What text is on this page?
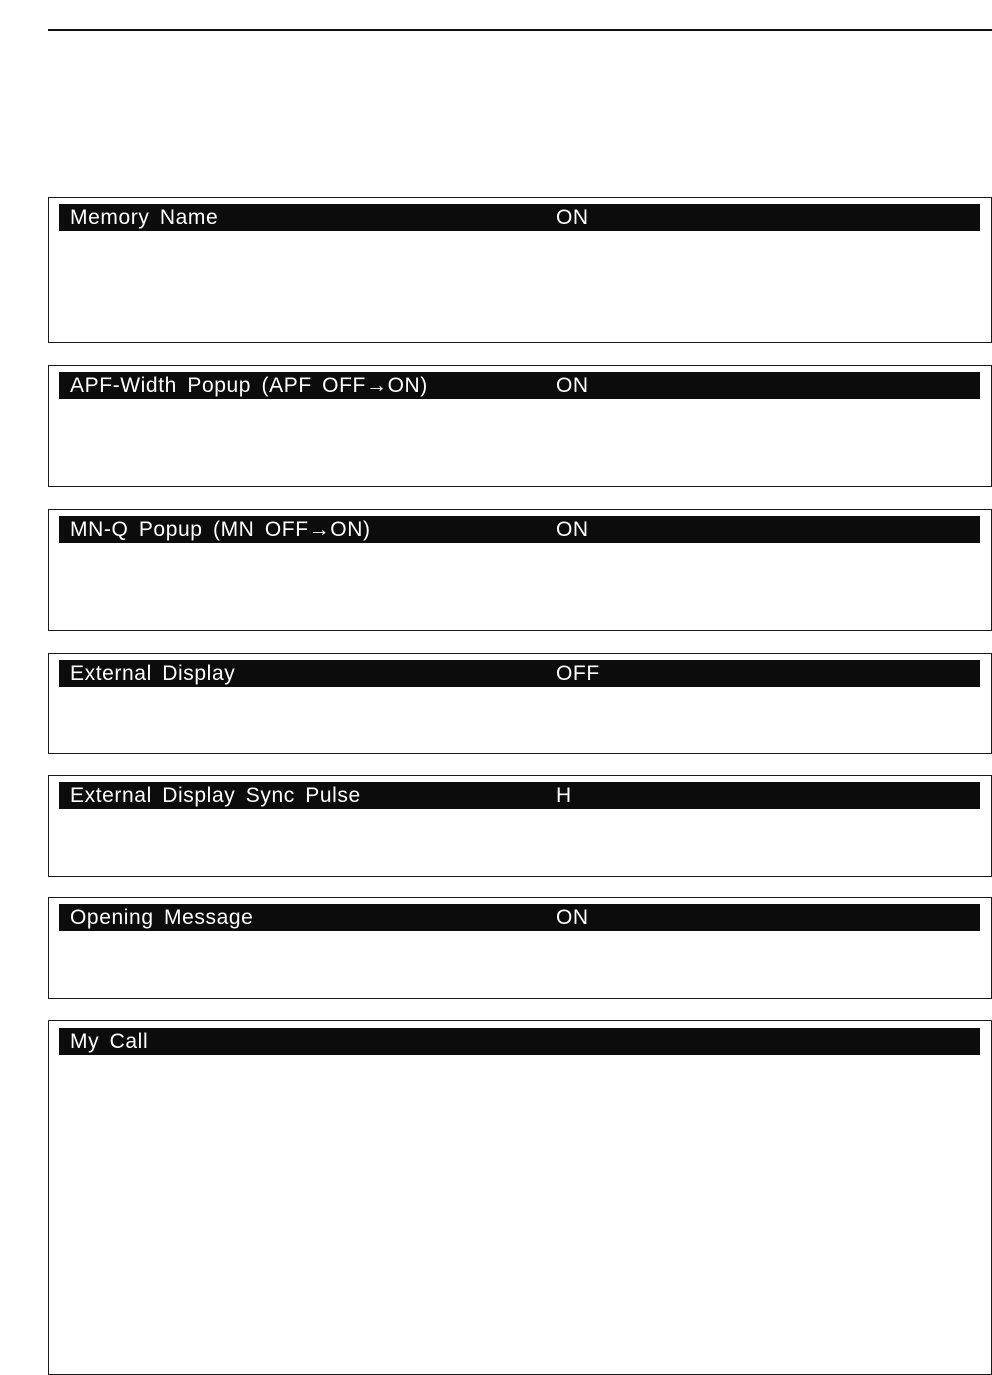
Memory Name	ON
APF-Width Popup (APF OFF→ON)	ON
MN-Q Popup (MN OFF→ON)	ON
External Display	OFF
External Display Sync Pulse	H
Opening Message	ON
My Call
